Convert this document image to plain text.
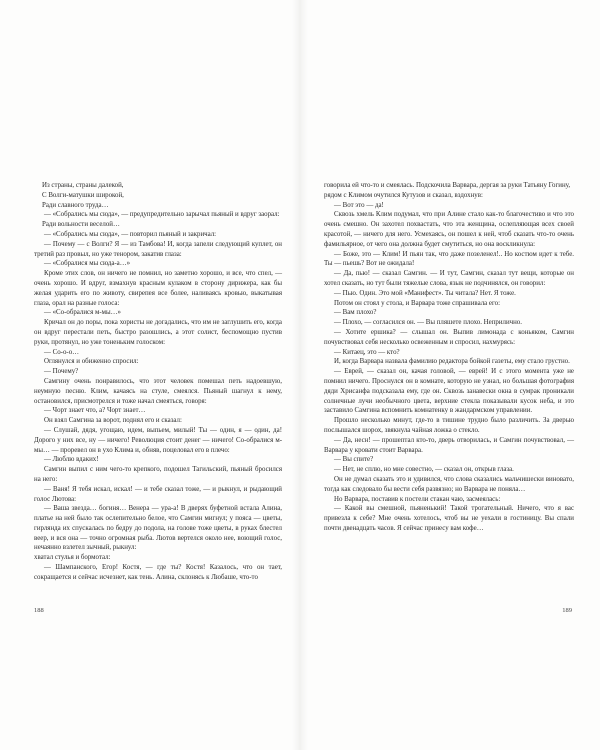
Из страны, страны далекой,

С Волги-матушки широкой,

Ради славного труда…

— «Собрались мы сюда», — предупредительно зарычал пьяный и вдруг заорал:

Ради вольности веселой…

— «Собрались мы сюда», — повторил пьяный и закричал:

— Почему — с Волги? Я — из Тамбова! И, когда запели следующий куплет, он третий раз провыл, но уже тенором, закатив глаза:

— «Собралися мы сюда-а…»

Кроме этих слов, он ничего не помнил, но заметно хорошо, и все, что спел, — очень хорошо. И вдруг, взмахнув красным кулаком в сторону дирижера, как бы желая ударить его по животу, свирепея все более, наливаясь кровью, выкатывая глаза, орал на разные голоса:

— «Со-обралися м-мы…»

Кричал он до поры, пока хористы не догадались, что им не заглушить его, когда он вдруг перестали петь, быстро разошлись, а этот солист, беспомощно пустив руки, протянул, но уже тоненьким голоском:

— Со-о-о…

Оглянулся и обиженно спросил:

— Почему?

Самгину очень понравилось, что этот человек помешал петь надоевшую, неумную песню. Клим, качаясь на стуле, смеялся. Пьяный шагнул к нему, остановился, присмотрелся и тоже начал смеяться, говоря:

— Чорт знает что, а? Чорт знает…

Он взял Самгина за ворот, поднял его и сказал:

— Слушай, дядя, угощаю, идем, выпьем, милый! Ты — один, я — один, да! Дорого у них все, ну — ничего! Революция стоит денег — ничего! Со-обралися м-мы… — проревел он в ухо Клима и, обняв, поцеловал его в плечо:

— Люблю вдаких!

Самгин выпил с ним чего-то крепкого, подошел Тагильский, пьяный бросился на него:

— Ваня! Я тебя искал, искал! — и тебе сказал тоже, — и рыкнул, и рыдающий голос Лютова:

— Ваша звезда… богиня… Венера — ура-а! В дверях буфетной встала Алина, платье на ней было так ослепительно белое, что Самгин мигнул; у пояса — цветы, гирлянда их спускалась по бедру до подола, на голове тоже цветы, в руках блестел веер, и вся она — точно огромная рыба. Лютов вертелся около нее, воющий голос, нечаянно взлетел зычный, рыкнул:

хватал стулья и бормотал:

— Шампанского, Егор! Костя, — где ты? Костя! Казалось, что он тает, сокращается и сейчас исчезнет, как тень. Алина, склонясь к Любаше, что-то

188

говорила ей что-то и смеялась. Подскочила Варвара, дергая за руки Татьяну Гогину, рядом с Климом очутился Кутузов и сказал, вздохнув:

— Вот это — да!

Сквозь хмель Клим подумал, что при Алине стало как-то благочестиво и что это очень смешно. Он захотел похвастать, что эта женщина, ослепляющая всех своей красотой, — ничего для него. Усмехаясь, он пошел к ней, чтоб сказать что-то очень фамильярное, от чего она должна будет смутиться, но она воскликнула:

— Боже, это — Клим! И пьян так, что даже позеленел!.. Но костюм идет к тебе. Ты — пьешь? Вот не ожидала!

— Да, пью! — сказал Самгин. — И тут, Самгин, сказал тут вещи, которые он хотел сказать, но тут были тяжелые слова, язык не подчинялся, он говорил:

— Пью. Один. Это мой «Манифест». Ты читала? Нет. Я тоже.

Потом он стоял у стола, и Варвара тоже спрашивала его:

— Вам плохо?

— Плохо, — согласился он. — Вы пляшете плохо. Неприлично.

— Хотите ершика? — слышал он. Выпив лимонада с коньяком, Самгин почувствовал себя несколько освеженным и спросил, нахмурясь:

— Китаец, это — кто?

И, когда Варвара назвала фамилию редактора бойкой газеты, ему стало грустно.

— Еврей, — сказал он, качая головой, — еврей! И с этого момента уже не помнил ничего. Проснулся он в комнате, которую не узнал, но большая фотография дяди Хрисанфа подсказала ему, где он. Сквозь занавески окна в сумрак проникали солнечные лучи необычного цвета, верхние стекла показывали кусок неба, и это заставило Самгина вспомнить комнатенку в жандармском управлении.

Прошло несколько минут, где-то в тишине трудно было различить. За дверью послышался шорох, звякнула чайная ложка о стекло.

— Да, несн! — прошептал кто-то, дверь отворилась, и Самгин почувствовал, — Варвара у кровати стоит Варвара.

— Вы спите?

— Нет, не сплю, но мне совестно, — сказал он, открыв глаза.

Он не думал сказать это и удивился, что слова сказались мальчишески виновато, тогда как следовало бы вести себя развязно; но Варвара не поняла…

Но Варвара, поставив к постели стакан чаю, засмеялась:

— Какой вы смешной, пьяненький! Такой трогательный. Ничего, что я вас привезла к себе? Мне очень хотелось, чтоб вы не уехали в гостиницу. Вы спали почти двенадцать часов. Я сейчас принесу вам кофе…

189
